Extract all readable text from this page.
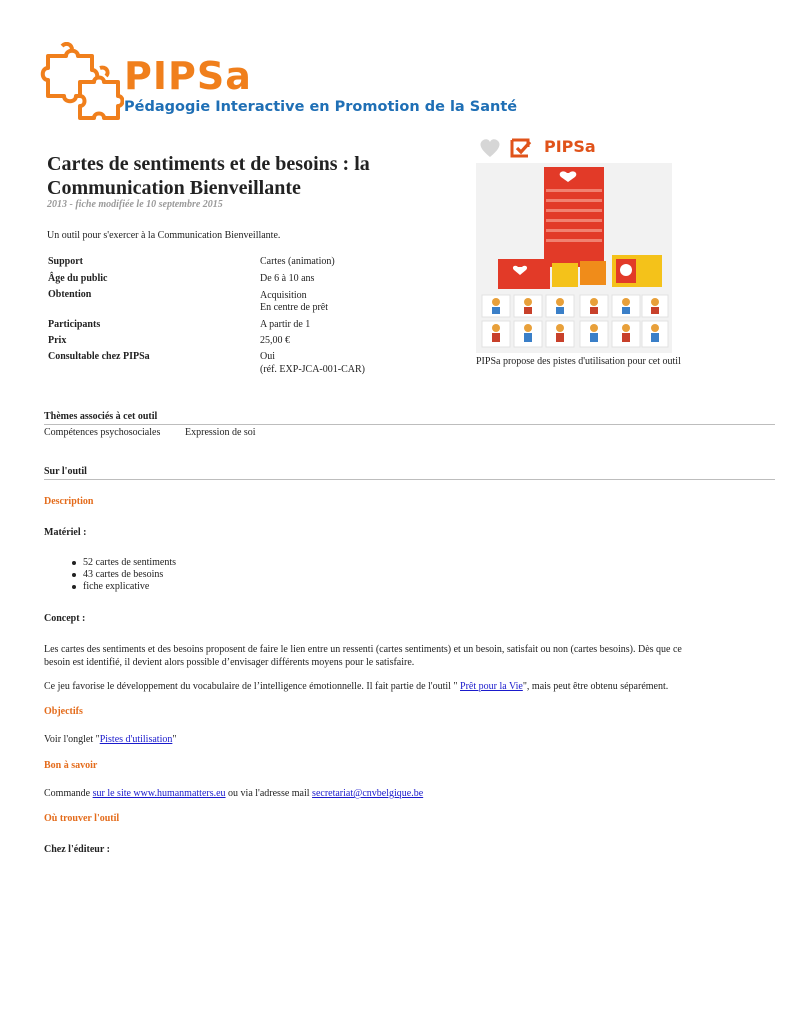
PIPSa
Pédagogie Interactive en Promotion de la Santé
Cartes de sentiments et de besoins : la Communication Bienveillante
2013 - fiche modifiée le 10 septembre 2015
Un outil pour s'exercer à la Communication Bienveillante.
Support	Cartes (animation)
Âge du public	De 6 à 10 ans
Obtention	Acquisition
En centre de prêt
Participants	A partir de 1
Prix	25,00 €
Consultable chez PIPSa	Oui
(réf. EXP-JCA-001-CAR)
PIPSa
PIPSa propose des pistes d'utilisation pour cet outil
Thèmes associés à cet outil
Compétences psychosociales Expression de soi
Sur l'outil
Description
Matériel :
52 cartes de sentiments
43 cartes de besoins
fiche explicative
Concept :
Les cartes des sentiments et des besoins proposent de faire le lien entre un ressenti (cartes sentiments) et un besoin, satisfait ou non (cartes besoins). Dès que ce
besoin est identifié, il devient alors possible d’envisager différents moyens pour le satisfaire.
Ce jeu favorise le développement du vocabulaire de l’intelligence émotionnelle. Il fait partie de l'outil " Prêt pour la Vie", mais peut être obtenu séparément.
Objectifs
Voir l'onglet "Pistes d'utilisation"
Bon à savoir
Commande sur le site www.humanmatters.eu ou via l'adresse mail secretariat@cnvbelgique.be
Où trouver l'outil
Chez l'éditeur :
